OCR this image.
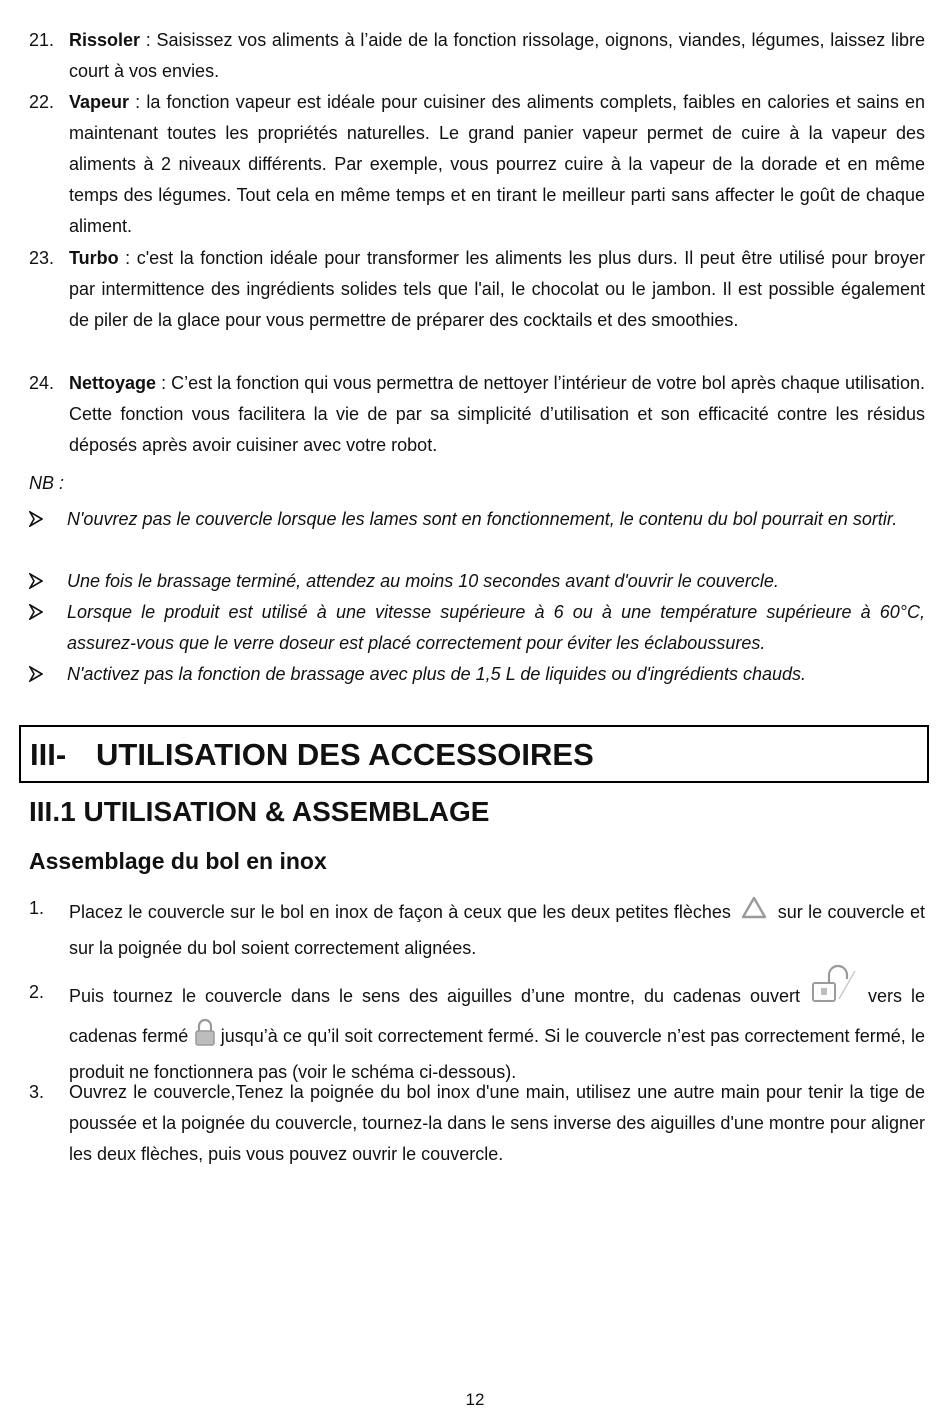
21. Rissoler : Saisissez vos aliments à l’aide de la fonction rissolage, oignons, viandes, légumes, laissez libre court à vos envies.
22. Vapeur : la fonction vapeur est idéale pour cuisiner des aliments complets, faibles en calories et sains en maintenant toutes les propriétés naturelles. Le grand panier vapeur permet de cuire à la vapeur des aliments à 2 niveaux différents. Par exemple, vous pourrez cuire à la vapeur de la dorade et en même temps des légumes. Tout cela en même temps et en tirant le meilleur parti sans affecter le goût de chaque aliment.
23. Turbo : c'est la fonction idéale pour transformer les aliments les plus durs. Il peut être utilisé pour broyer par intermittence des ingrédients solides tels que l'ail, le chocolat ou le jambon. Il est possible également de piler de la glace pour vous permettre de préparer des cocktails et des smoothies.
24. Nettoyage : C’est la fonction qui vous permettra de nettoyer l’intérieur de votre bol après chaque utilisation. Cette fonction vous facilitera la vie de par sa simplicité d’utilisation et son efficacité contre les résidus déposés après avoir cuisiner avec votre robot.
NB :
N'ouvrez pas le couvercle lorsque les lames sont en fonctionnement, le contenu du bol pourrait en sortir.
Une fois le brassage terminé, attendez au moins 10 secondes avant d'ouvrir le couvercle.
Lorsque le produit est utilisé à une vitesse supérieure à 6 ou à une température supérieure à 60°C, assurez-vous que le verre doseur est placé correctement pour éviter les éclaboussures.
N'activez pas la fonction de brassage avec plus de 1,5 L de liquides ou d'ingrédients chauds.
III- UTILISATION DES ACCESSOIRES
III.1 UTILISATION & ASSEMBLAGE
Assemblage du bol en inox
1.	Placez le couvercle sur le bol en inox de façon à ceux que les deux petites flèches  sur le couvercle et sur la poignée du bol soient correctement alignées.
2.	Puis tournez le couvercle dans le sens des aiguilles d’une montre, du cadenas ouvert	vers le cadenas fermé  jusqu’à ce qu’il soit correctement fermé. Si le couvercle n’est pas correctement fermé, le produit ne fonctionnera pas (voir le schéma ci-dessous).
3.	Ouvrez le couvercle,Tenez la poignée du bol inox d'une main, utilisez une autre main pour tenir la tige de poussée et la poignée du couvercle, tournez-la dans le sens inverse des aiguilles d'une montre pour aligner les deux flèches, puis vous pouvez ouvrir le couvercle.
12
